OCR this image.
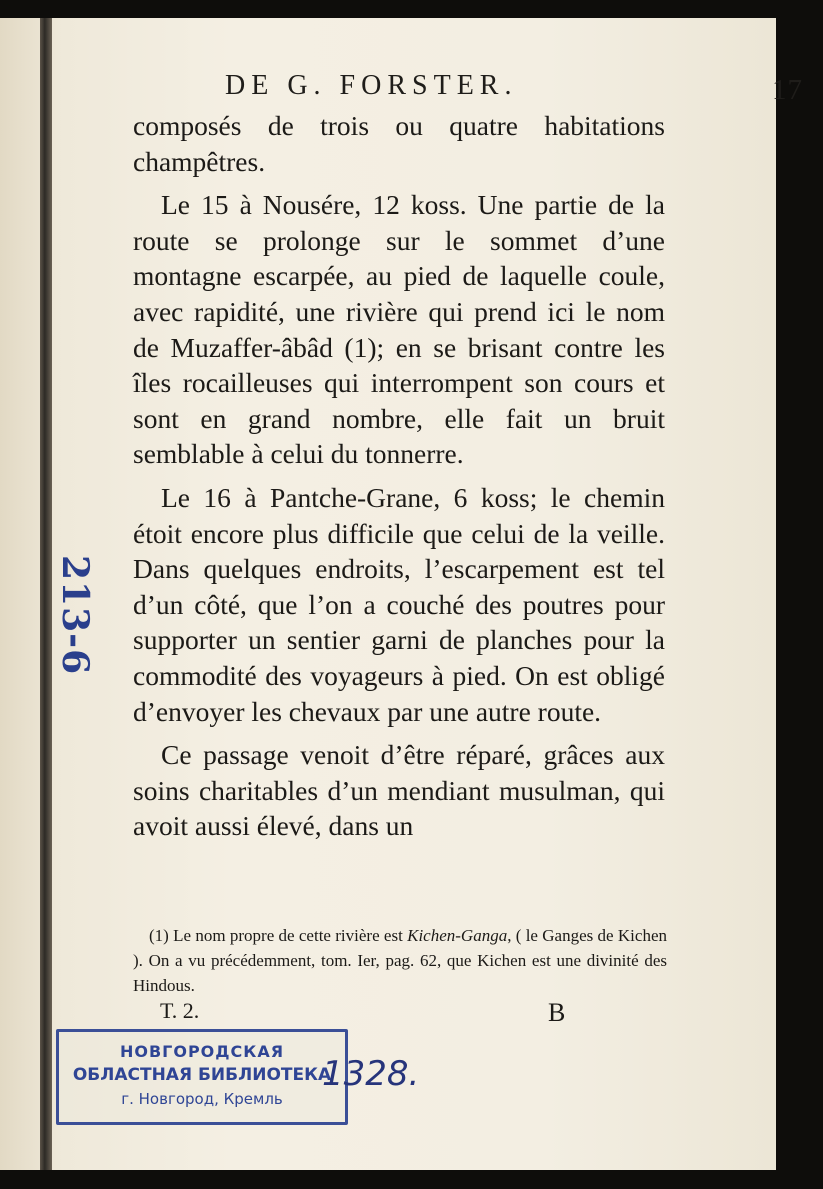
213-6
DE G. FORSTER.	17

composés de trois ou quatre habitations champêtres.

Le 15 à Nousére, 12 koss. Une partie de la route se prolonge sur le sommet d’une montagne escarpée, au pied de laquelle coule, avec rapidité, une rivière qui prend ici le nom de Muzaffer-âbâd (1); en se brisant contre les îles rocailleuses qui interrompent son cours et sont en grand nombre, elle fait un bruit semblable à celui du tonnerre.

Le 16 à Pantche-Grane, 6 koss; le chemin étoit encore plus difficile que celui de la veille. Dans quelques endroits, l’escarpement est tel d’un côté, que l’on a couché des poutres pour supporter un sentier garni de planches pour la commodité des voyageurs à pied. On est obligé d’envoyer les chevaux par une autre route.

Ce passage venoit d’être réparé, grâces aux soins charitables d’un mendiant musulman, qui avoit aussi élevé, dans un

(1) Le nom propre de cette rivière est Kichen-Ganga, ( le Ganges de Kichen ). On a vu précédemment, tom. Ier, pag. 62, que Kichen est une divinité des Hindous.

T. 2.	B
НОВГОРОДСКАЯ
ОБЛАСТНАЯ БИБЛИОТЕКА
г. Новгород, Кремль
1328.
